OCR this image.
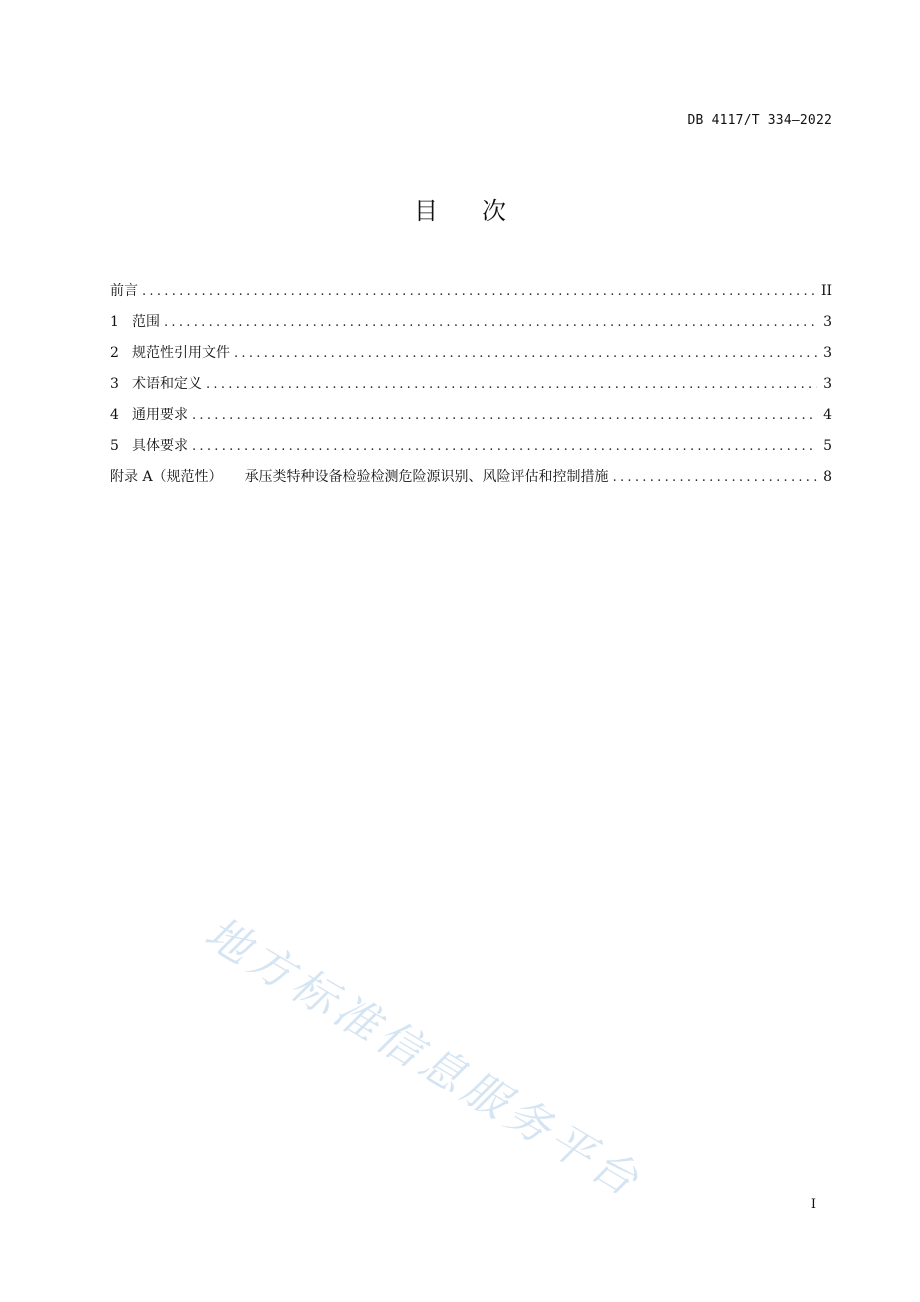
DB 4117/T 334—2022
目 次
前言 .....	II
1 范围 .....	3
2 规范性引用文件 .....	3
3 术语和定义 .....	3
4 通用要求 .....	4
5 具体要求 .....	5
附录 A（规范性） 承压类特种设备检验检测危险源识别、风险评估和控制措施 .....	8
地方标准信息服务平台	I
